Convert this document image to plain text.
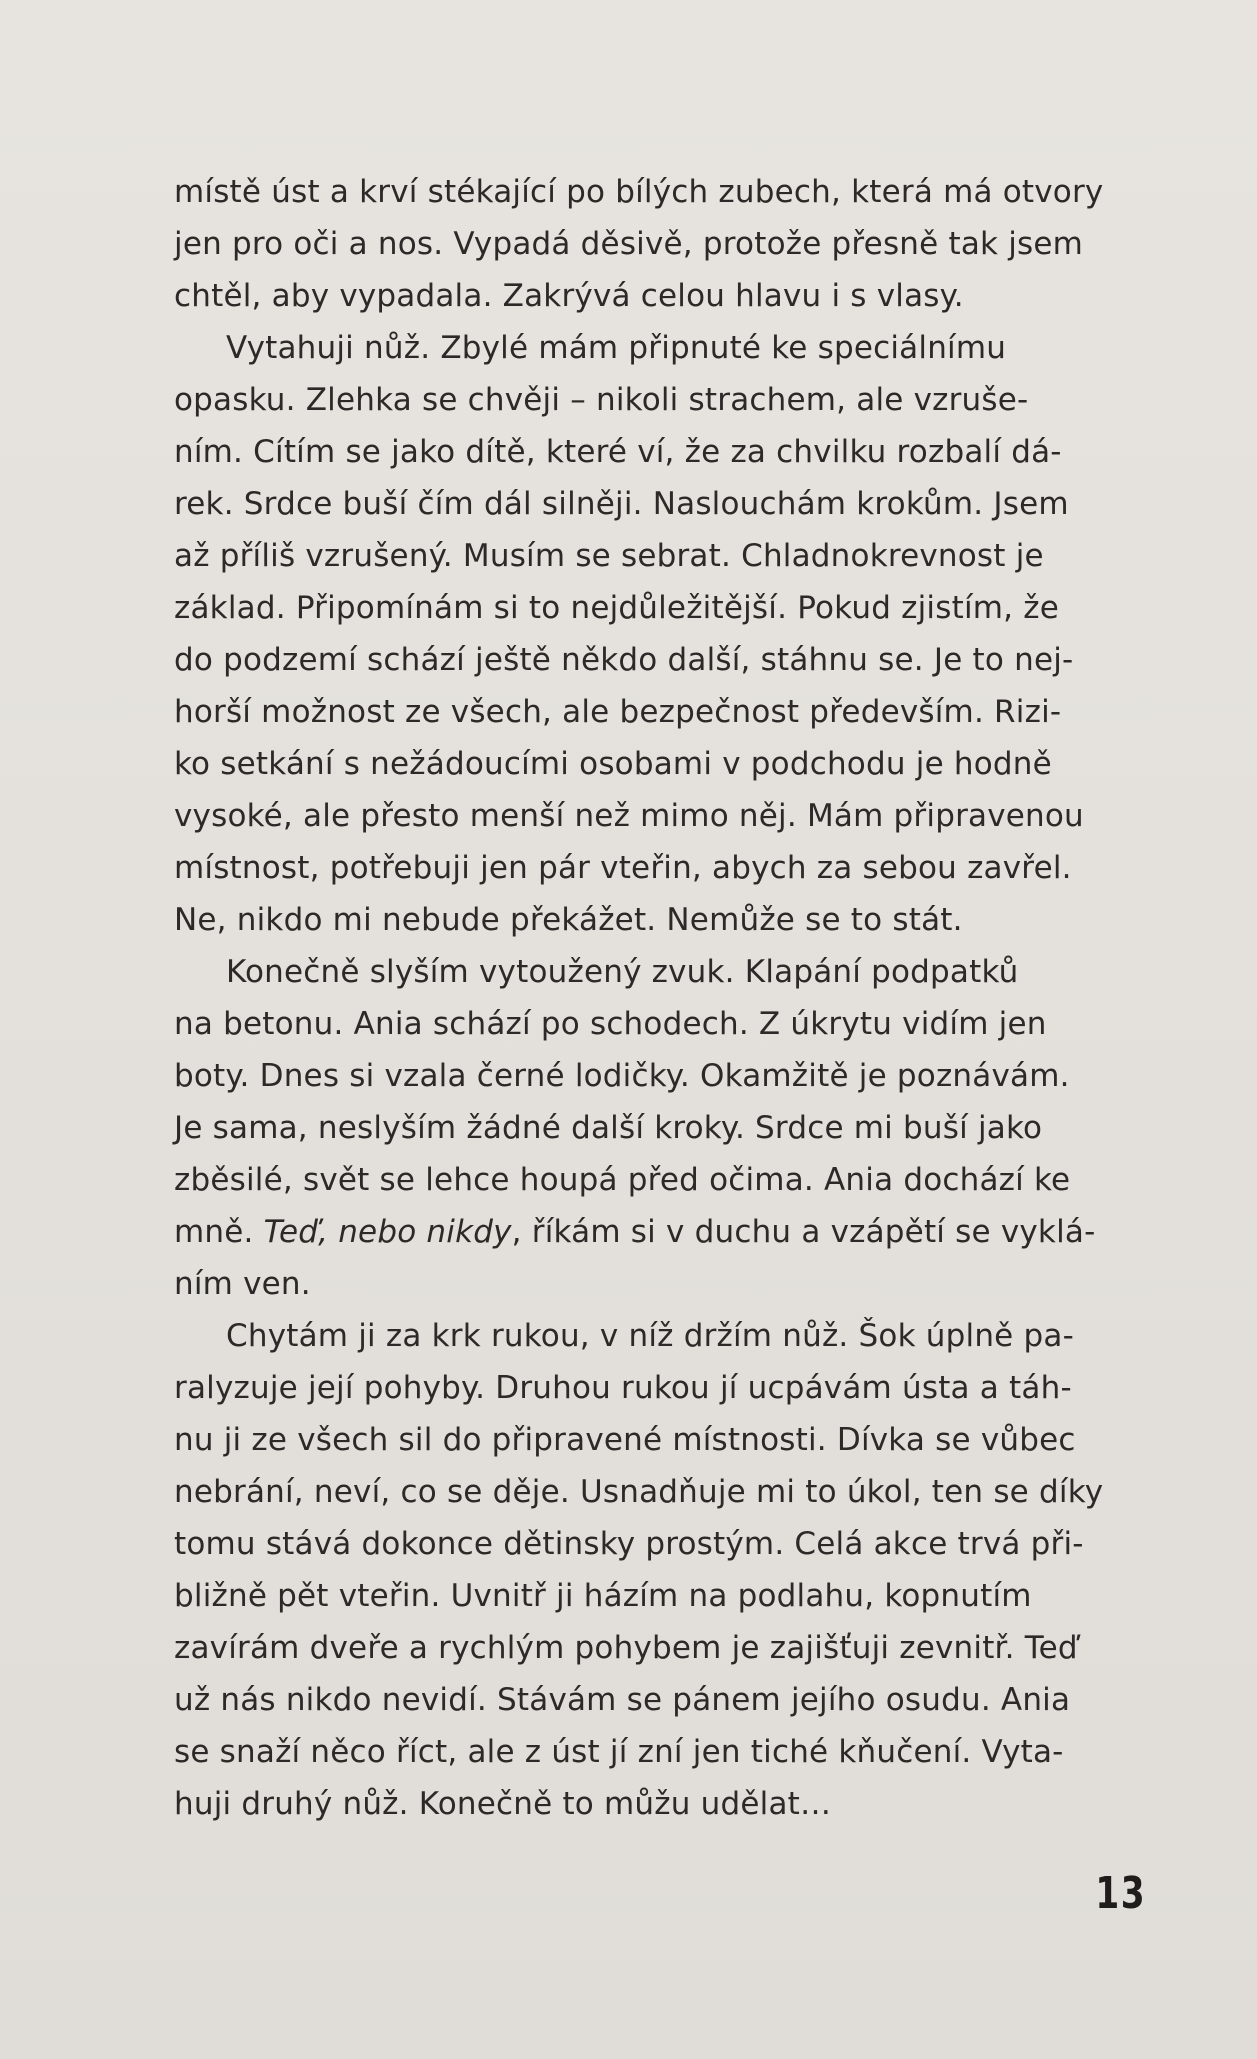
místě úst a krví stékající po bílých zubech, která má otvory
jen pro oči a nos. Vypadá děsivě, protože přesně tak jsem
chtěl, aby vypadala. Zakrývá celou hlavu i s vlasy.
Vytahuji nůž. Zbylé mám připnuté ke speciálnímu
opasku. Zlehka se chvěji – nikoli strachem, ale vzruše-
ním. Cítím se jako dítě, které ví, že za chvilku rozbalí dá-
rek. Srdce buší čím dál silněji. Naslouchám krokům. Jsem
až příliš vzrušený. Musím se sebrat. Chladnokrevnost je
základ. Připomínám si to nejdůležitější. Pokud zjistím, že
do podzemí schází ještě někdo další, stáhnu se. Je to nej-
horší možnost ze všech, ale bezpečnost především. Rizi-
ko setkání s nežádoucími osobami v podchodu je hodně
vysoké, ale přesto menší než mimo něj. Mám připravenou
místnost, potřebuji jen pár vteřin, abych za sebou zavřel.
Ne, nikdo mi nebude překážet. Nemůže se to stát.
Konečně slyším vytoužený zvuk. Klapání podpatků
na betonu. Ania schází po schodech. Z úkrytu vidím jen
boty. Dnes si vzala černé lodičky. Okamžitě je poznávám.
Je sama, neslyším žádné další kroky. Srdce mi buší jako
zběsilé, svět se lehce houpá před očima. Ania dochází ke
mně. Teď, nebo nikdy, říkám si v duchu a vzápětí se vyklá-
ním ven.
Chytám ji za krk rukou, v níž držím nůž. Šok úplně pa-
ralyzuje její pohyby. Druhou rukou jí ucpávám ústa a táh-
nu ji ze všech sil do připravené místnosti. Dívka se vůbec
nebrání, neví, co se děje. Usnadňuje mi to úkol, ten se díky
tomu stává dokonce dětinsky prostým. Celá akce trvá při-
bližně pět vteřin. Uvnitř ji házím na podlahu, kopnutím
zavírám dveře a rychlým pohybem je zajišťuji zevnitř. Teď
už nás nikdo nevidí. Stávám se pánem jejího osudu. Ania
se snaží něco říct, ale z úst jí zní jen tiché kňučení. Vyta-
huji druhý nůž. Konečně to můžu udělat…
13
